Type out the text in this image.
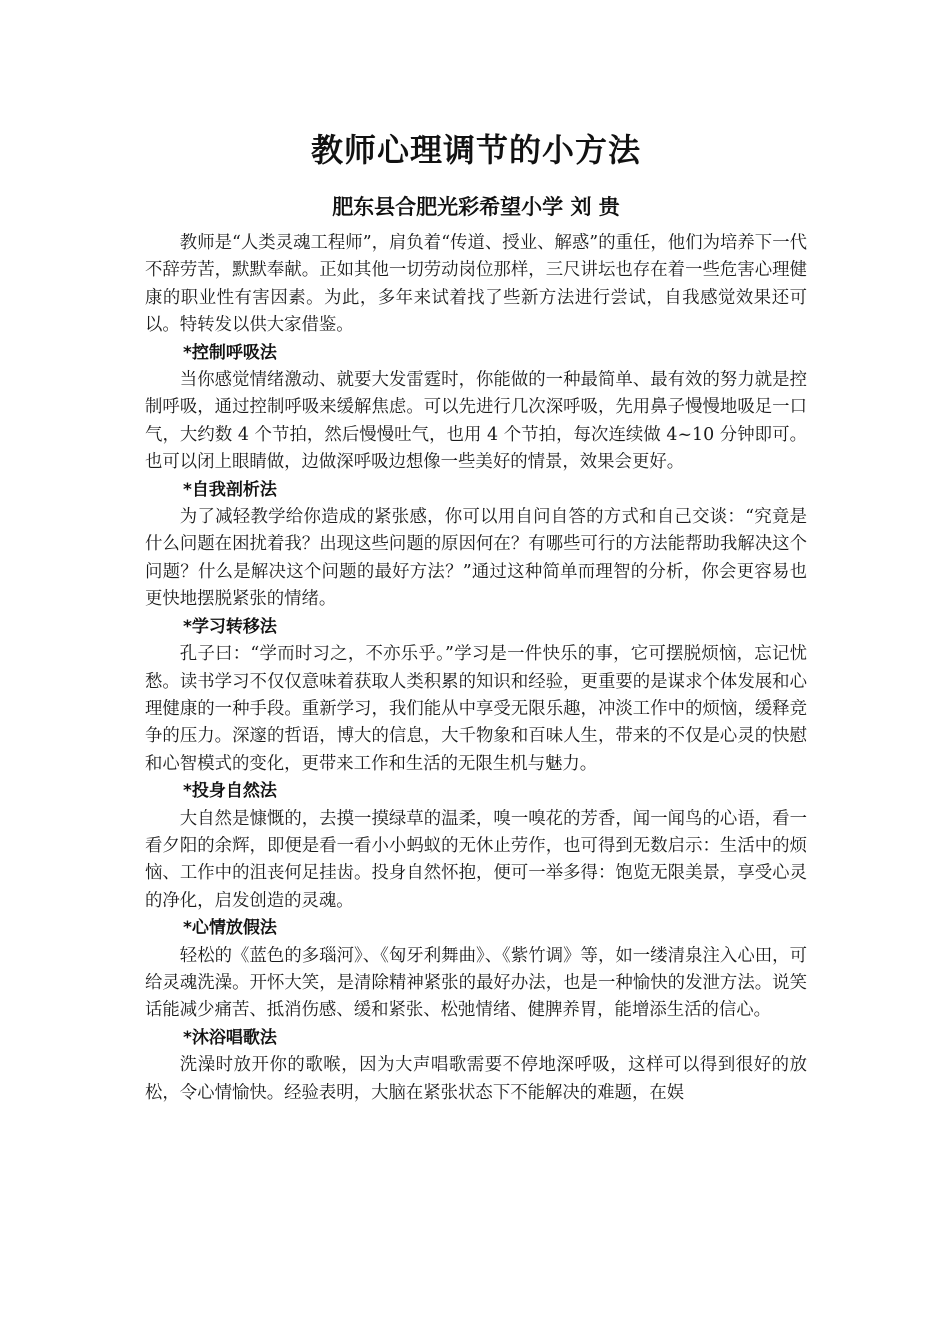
教师心理调节的小方法
肥东县合肥光彩希望小学 刘 贵

教师是“人类灵魂工程师”，肩负着“传道、授业、解惑”的重任，他们为培养下一代不辞劳苦，默默奉献。正如其他一切劳动岗位那样，三尺讲坛也存在着一些危害心理健康的职业性有害因素。为此，多年来试着找了些新方法进行尝试，自我感觉效果还可以。特转发以供大家借鉴。

*控制呼吸法

当你感觉情绪激动、就要大发雷霆时，你能做的一种最简单、最有效的努力就是控制呼吸，通过控制呼吸来缓解焦虑。可以先进行几次深呼吸，先用鼻子慢慢地吸足一口气，大约数 4 个节拍，然后慢慢吐气，也用 4 个节拍，每次连续做 4~10 分钟即可。也可以闭上眼睛做，边做深呼吸边想像一些美好的情景，效果会更好。

*自我剖析法

为了减轻教学给你造成的紧张感，你可以用自问自答的方式和自己交谈：“究竟是什么问题在困扰着我？出现这些问题的原因何在？有哪些可行的方法能帮助我解决这个问题？什么是解决这个问题的最好方法？”通过这种简单而理智的分析，你会更容易也更快地摆脱紧张的情绪。

*学习转移法

孔子曰：“学而时习之，不亦乐乎。”学习是一件快乐的事，它可摆脱烦恼，忘记忧愁。读书学习不仅仅意味着获取人类积累的知识和经验，更重要的是谋求个体发展和心理健康的一种手段。重新学习，我们能从中享受无限乐趣，冲淡工作中的烦恼，缓释竞争的压力。深邃的哲语，博大的信息，大千物象和百味人生，带来的不仅是心灵的快慰和心智模式的变化，更带来工作和生活的无限生机与魅力。

*投身自然法

大自然是慷慨的，去摸一摸绿草的温柔，嗅一嗅花的芳香，闻一闻鸟的心语，看一看夕阳的余辉，即便是看一看小小蚂蚁的无休止劳作，也可得到无数启示：生活中的烦恼、工作中的沮丧何足挂齿。投身自然怀抱，便可一举多得：饱览无限美景，享受心灵的净化，启发创造的灵魂。

*心情放假法

轻松的《蓝色的多瑙河》、《匈牙利舞曲》、《紫竹调》等，如一缕清泉注入心田，可给灵魂洗澡。开怀大笑，是清除精神紧张的最好办法，也是一种愉快的发泄方法。说笑话能减少痛苦、抵消伤感、缓和紧张、松弛情绪、健脾养胃，能增添生活的信心。

*沐浴唱歌法

洗澡时放开你的歌喉，因为大声唱歌需要不停地深呼吸，这样可以得到很好的放松，令心情愉快。经验表明，大脑在紧张状态下不能解决的难题，在娱
